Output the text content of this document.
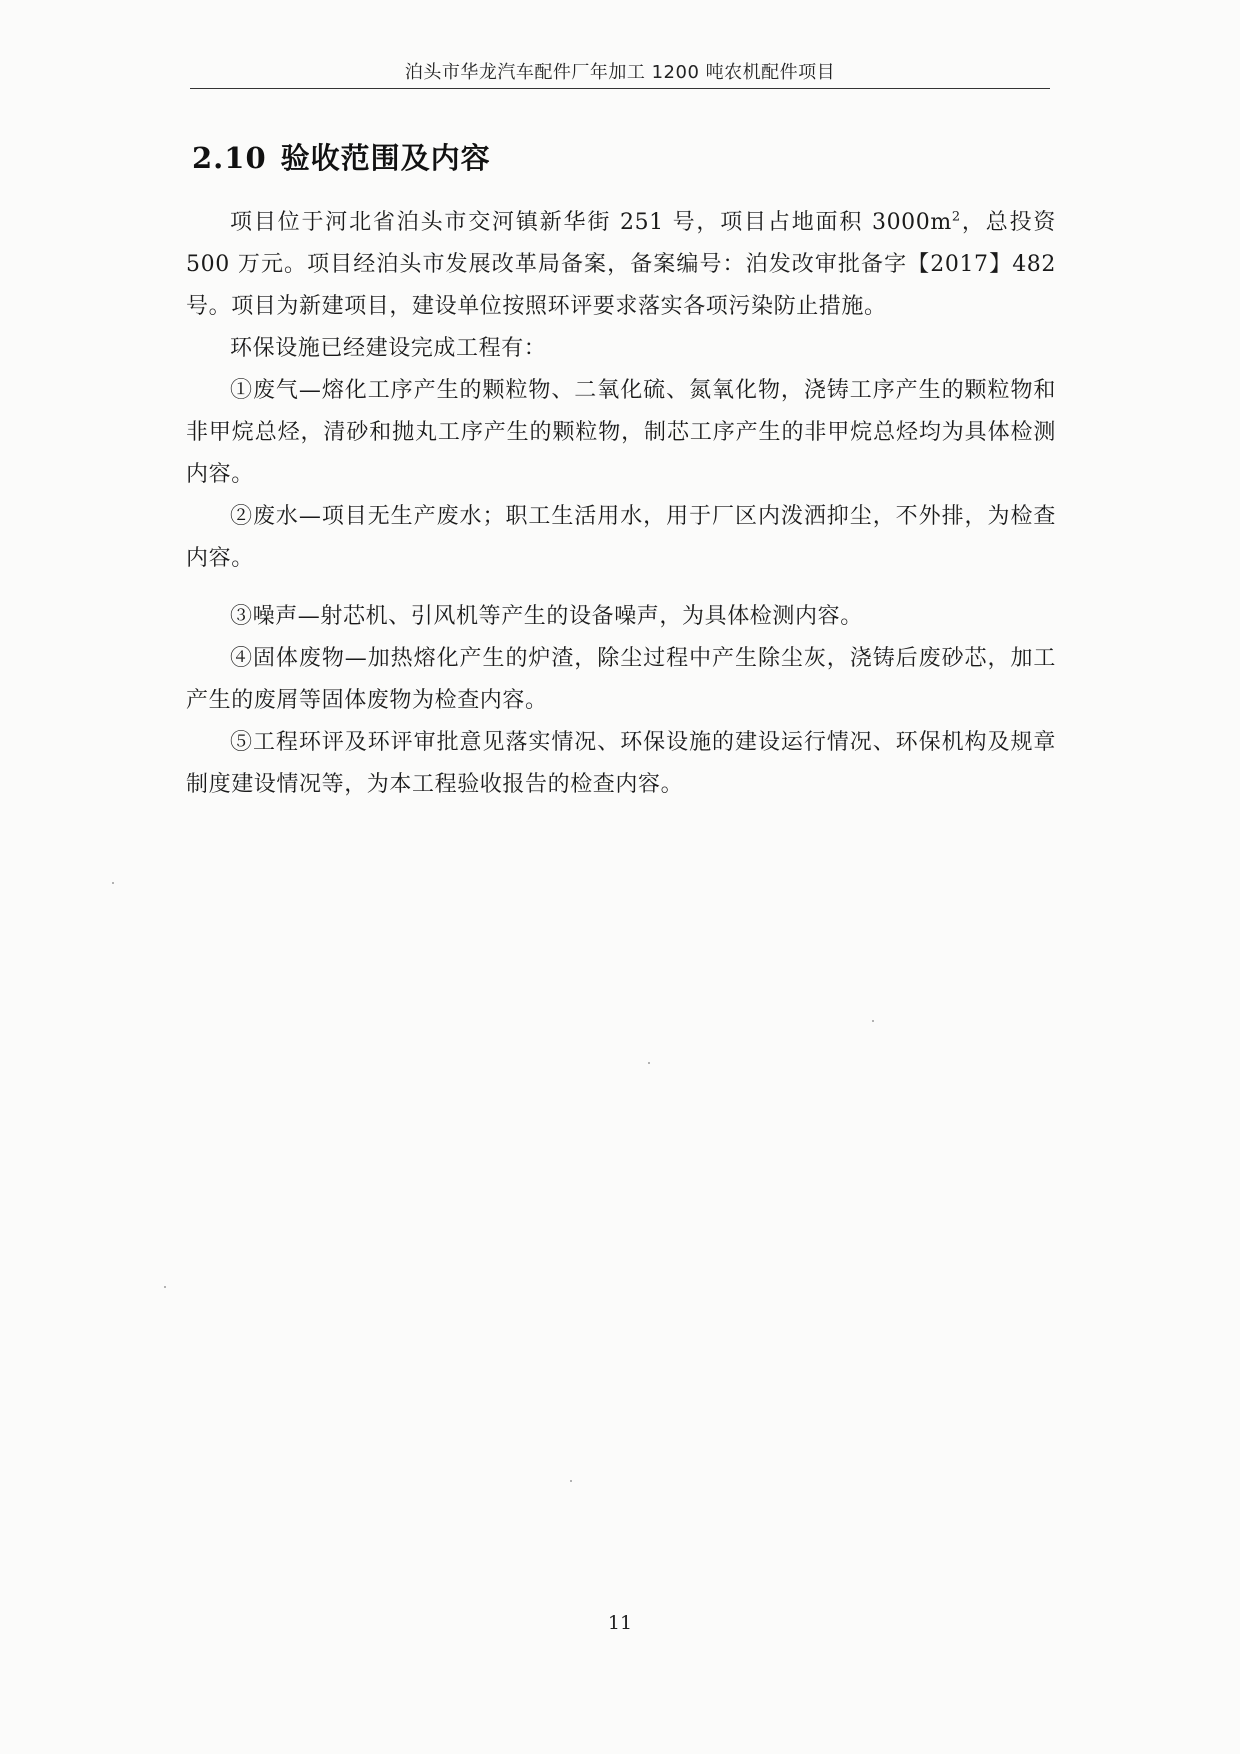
泊头市华龙汽车配件厂年加工 1200 吨农机配件项目
2.10 验收范围及内容

项目位于河北省泊头市交河镇新华街 251 号，项目占地面积 $3000m^2$，总投资 500 万元。项目经泊头市发展改革局备案，备案编号：泊发改审批备字【2017】482 号。项目为新建项目，建设单位按照环评要求落实各项污染防止措施。

环保设施已经建设完成工程有：

①废气—熔化工序产生的颗粒物、二氧化硫、氮氧化物，浇铸工序产生的颗粒物和非甲烷总烃，清砂和抛丸工序产生的颗粒物，制芯工序产生的非甲烷总烃均为具体检测内容。

②废水—项目无生产废水；职工生活用水，用于厂区内泼洒抑尘，不外排，为检查内容。

③噪声—射芯机、引风机等产生的设备噪声，为具体检测内容。

④固体废物—加热熔化产生的炉渣，除尘过程中产生除尘灰，浇铸后废砂芯，加工产生的废屑等固体废物为检查内容。

⑤工程环评及环评审批意见落实情况、环保设施的建设运行情况、环保机构及规章制度建设情况等，为本工程验收报告的检查内容。

11
